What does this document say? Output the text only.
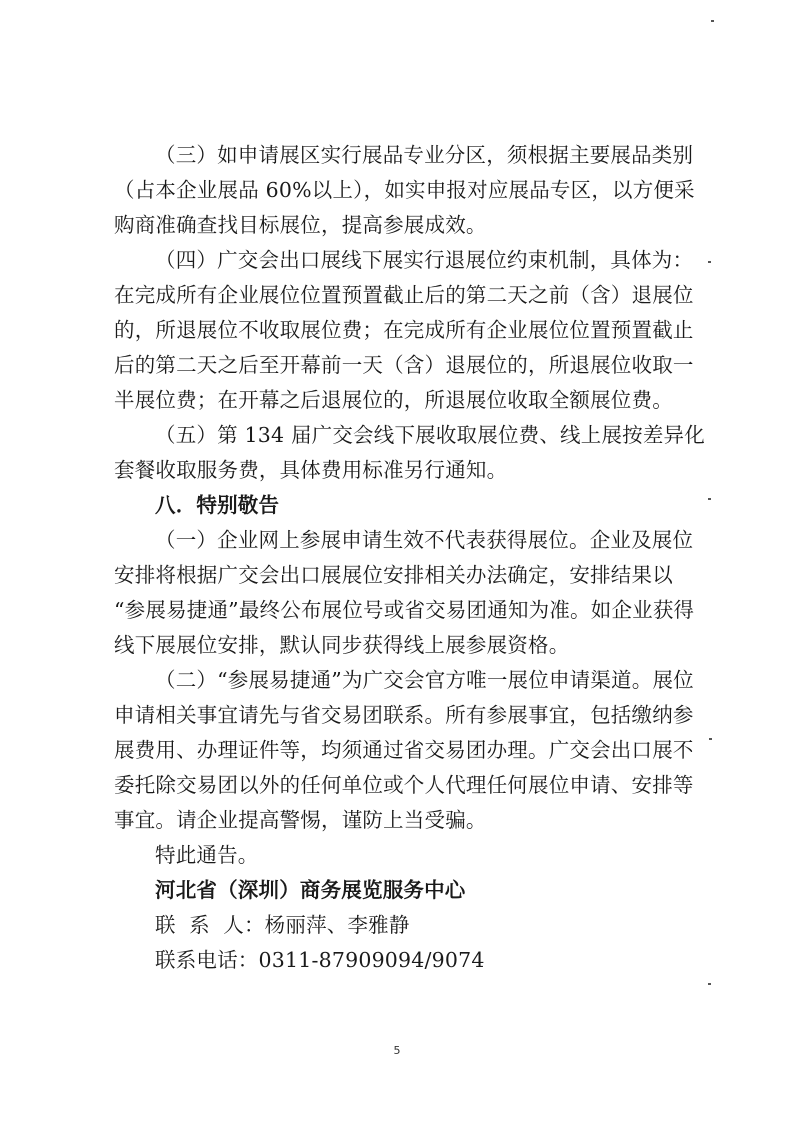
（三）如申请展区实行展品专业分区，须根据主要展品类别
（占本企业展品 60%以上），如实申报对应展品专区，以方便采
购商准确查找目标展位，提高参展成效。
（四）广交会出口展线下展实行退展位约束机制，具体为：
在完成所有企业展位位置预置截止后的第二天之前（含）退展位
的，所退展位不收取展位费；在完成所有企业展位位置预置截止
后的第二天之后至开幕前一天（含）退展位的，所退展位收取一
半展位费；在开幕之后退展位的，所退展位收取全额展位费。
（五）第 134 届广交会线下展收取展位费、线上展按差异化
套餐收取服务费，具体费用标准另行通知。
八．特别敬告
（一）企业网上参展申请生效不代表获得展位。企业及展位
安排将根据广交会出口展展位安排相关办法确定，安排结果以
“参展易捷通”最终公布展位号或省交易团通知为准。如企业获得
线下展展位安排，默认同步获得线上展参展资格。
（二）“参展易捷通”为广交会官方唯一展位申请渠道。展位
申请相关事宜请先与省交易团联系。所有参展事宜，包括缴纳参
展费用、办理证件等，均须通过省交易团办理。广交会出口展不
委托除交易团以外的任何单位或个人代理任何展位申请、安排等
事宜。请企业提高警惕，谨防上当受骗。
特此通告。
河北省（深圳）商务展览服务中心
联  系  人：杨丽萍、李雅静
联系电话：0311-87909094/9074
5
